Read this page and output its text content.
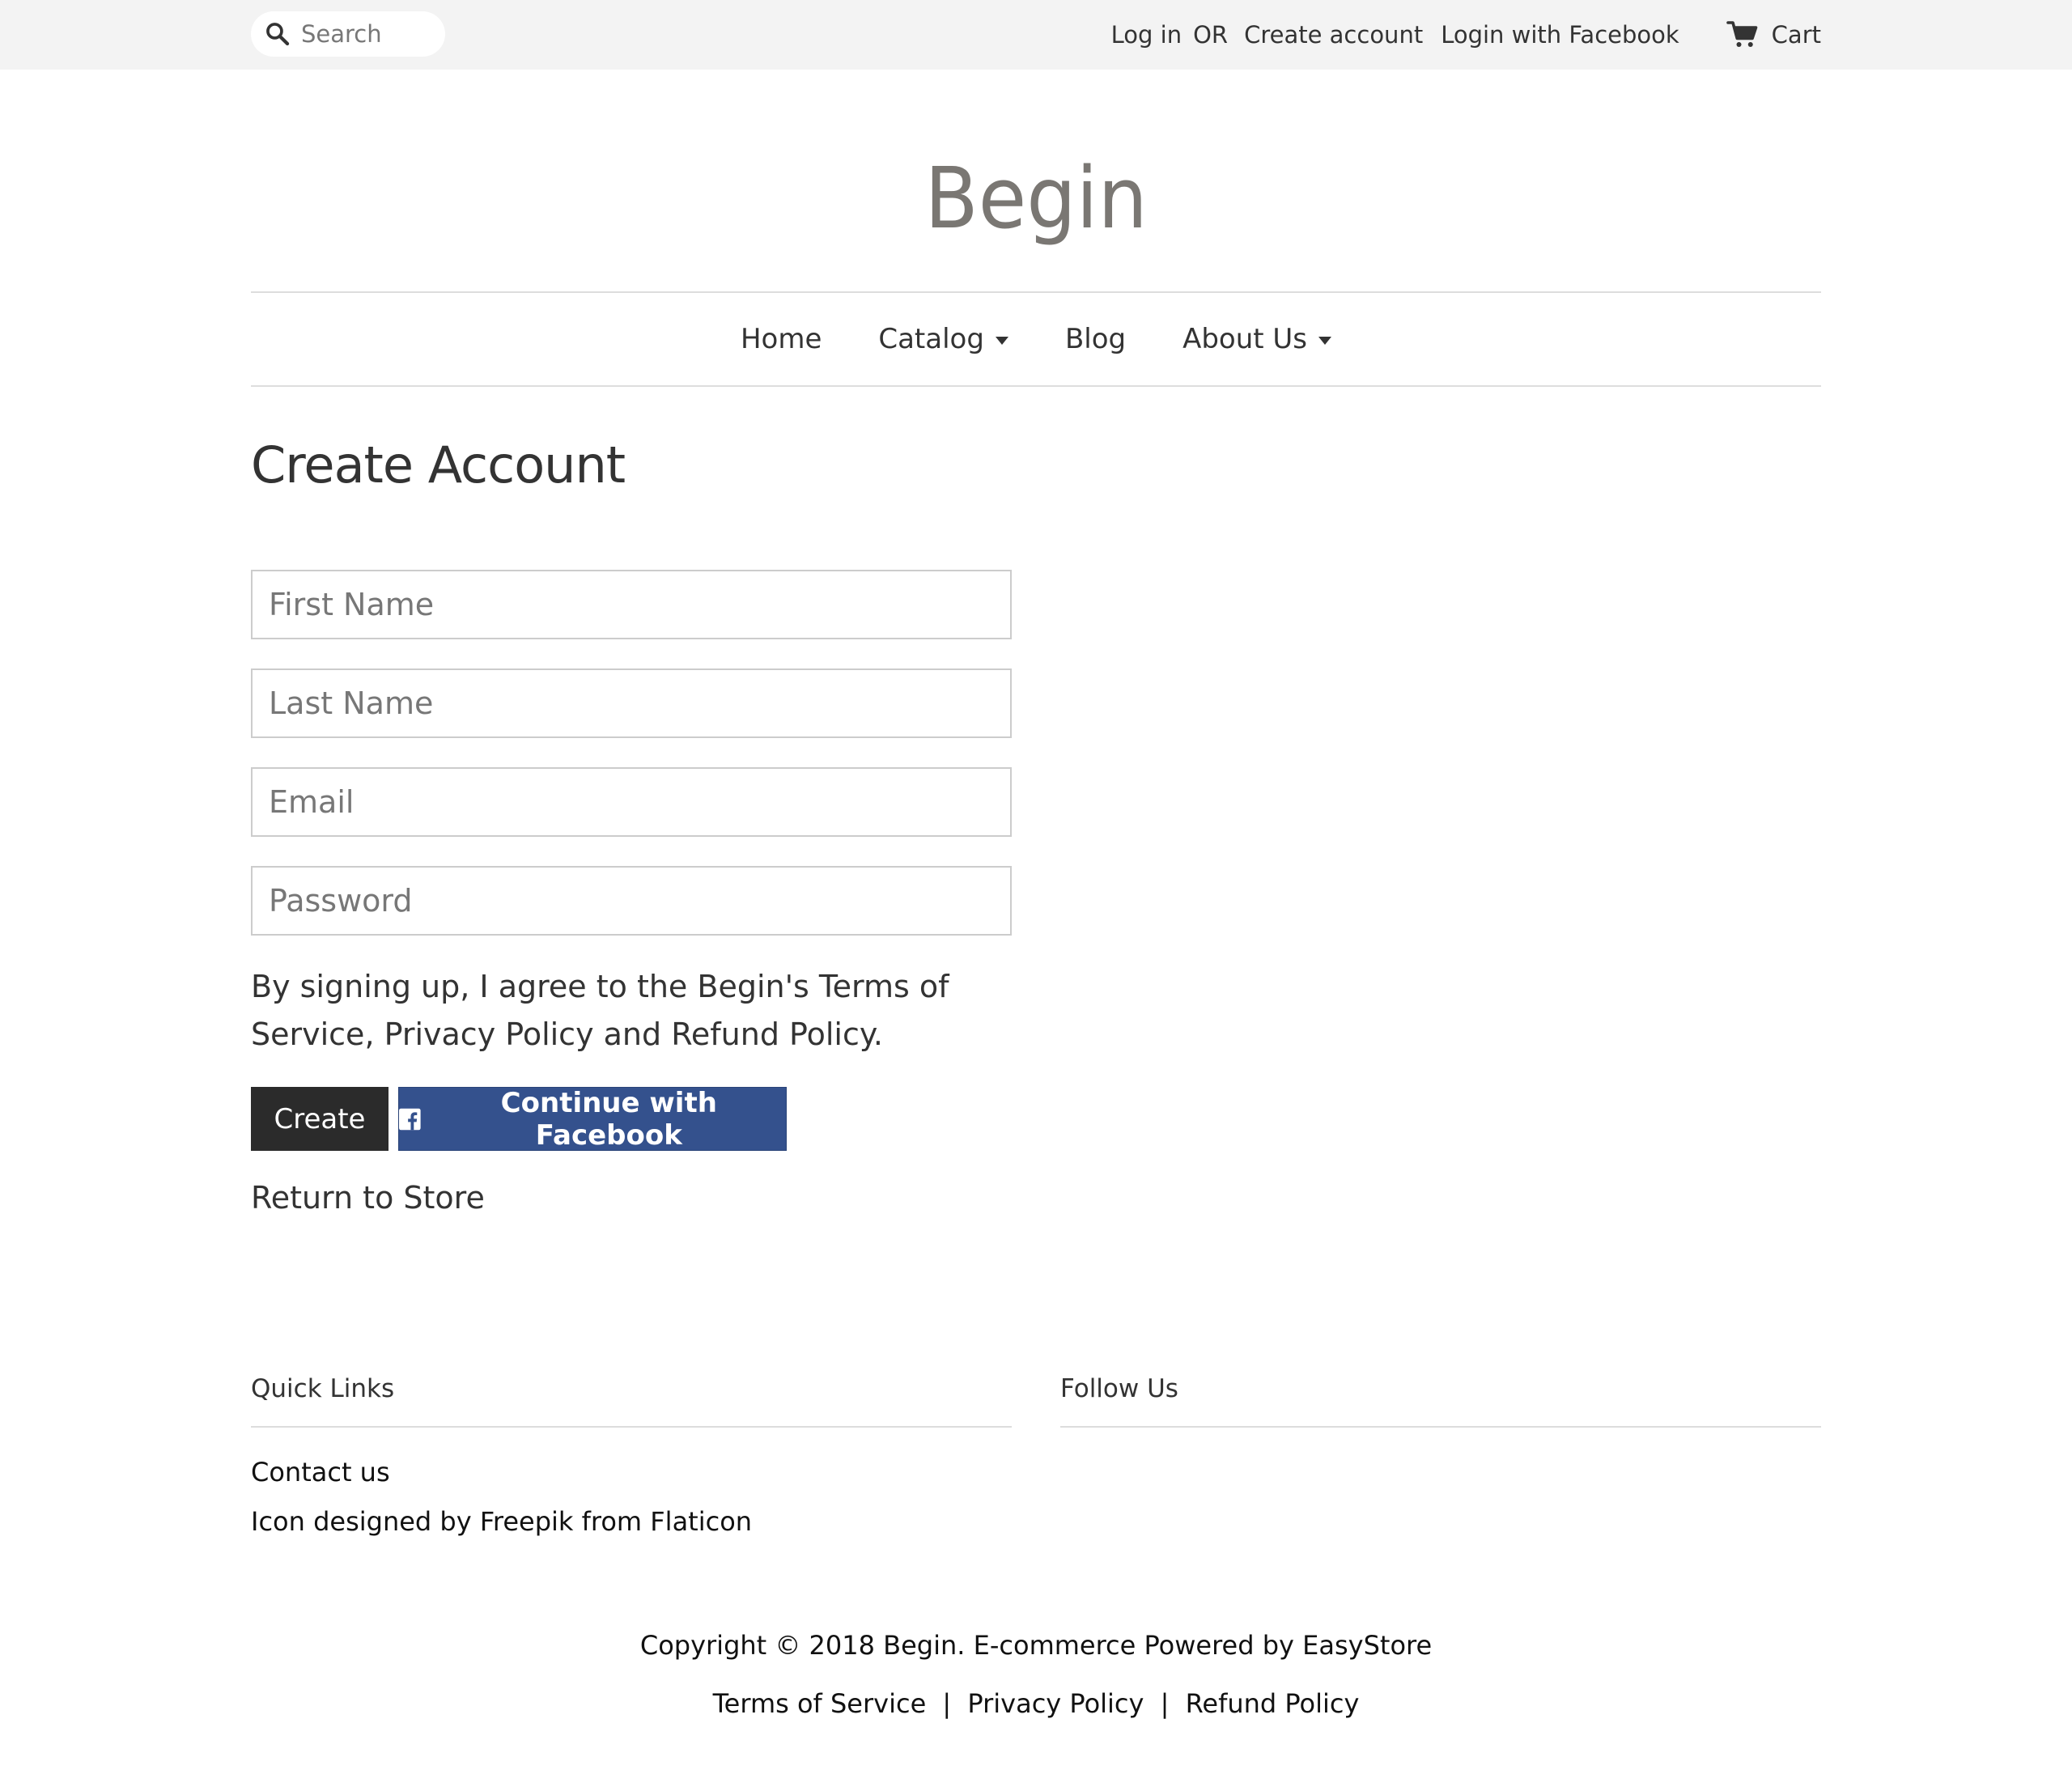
Search
Log in OR Create account Login with Facebook	Cart
Begin
Home Catalog	Blog About Us
Create Account
First Name
Last Name
Email

By signing up, I agree to the Begin's Terms of Service, Privacy Policy and Refund Policy.

Create	Continue with Facebook
Return to Store
Quick Links	Follow Us
Contact us
Icon designed by Freepik from Flaticon
Copyright © 2018 Begin. E-commerce Powered by EasyStore
Terms of Service | Privacy Policy | Refund Policy
